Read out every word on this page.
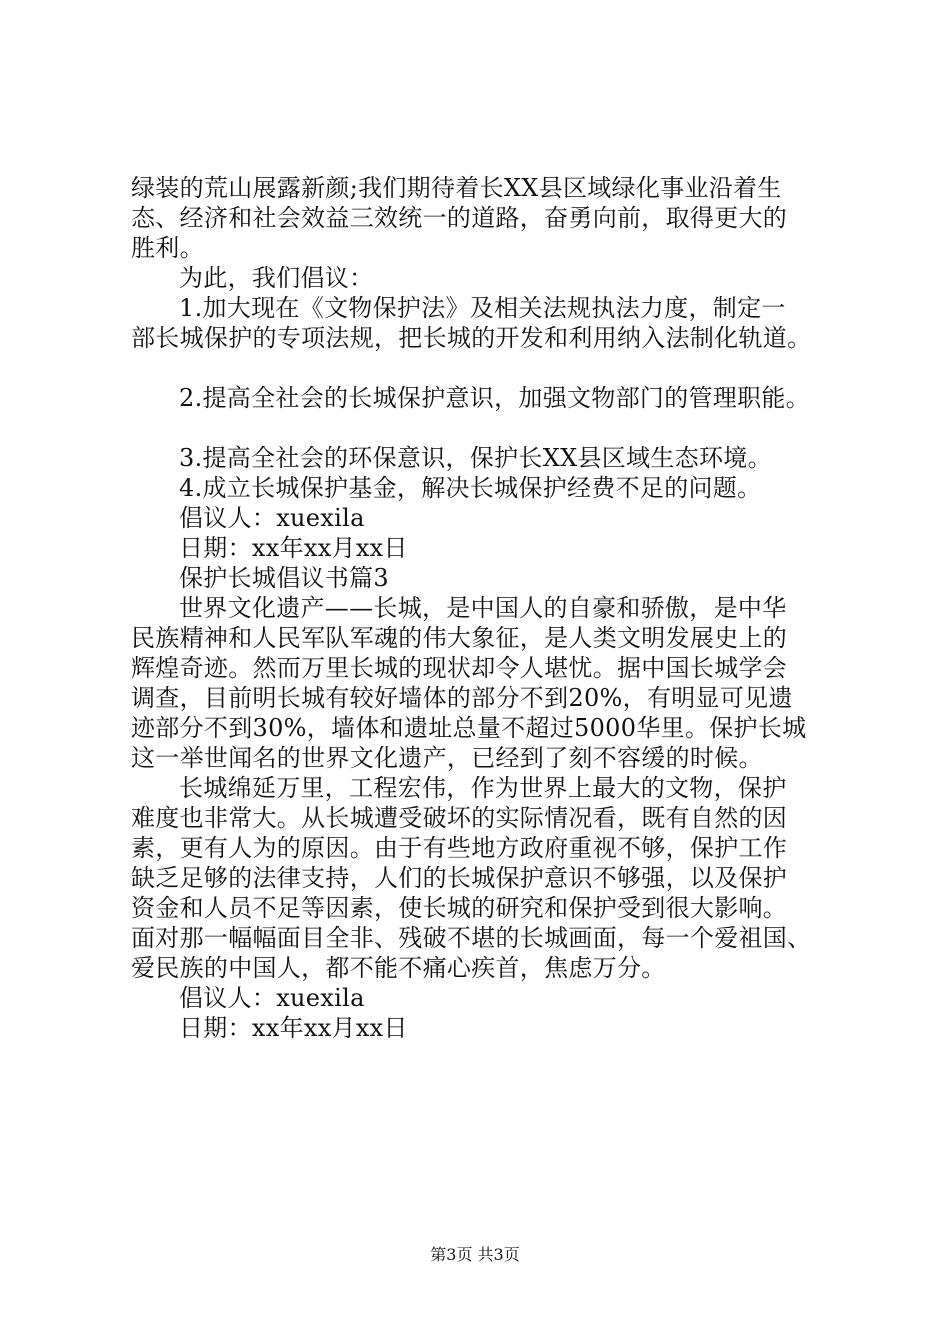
绿装的荒山展露新颜;我们期待着长XX县区域绿化事业沿着生
态、经济和社会效益三效统一的道路，奋勇向前，取得更大的
胜利。
为此，我们倡议：
1.加大现在《文物保护法》及相关法规执法力度，制定一
部长城保护的专项法规，把长城的开发和利用纳入法制化轨道。
2.提高全社会的长城保护意识，加强文物部门的管理职能。
3.提高全社会的环保意识，保护长XX县区域生态环境。
4.成立长城保护基金，解决长城保护经费不足的问题。
倡议人：xuexila
日期：xx年xx月xx日
保护长城倡议书篇3
世界文化遗产——长城，是中国人的自豪和骄傲，是中华
民族精神和人民军队军魂的伟大象征，是人类文明发展史上的
辉煌奇迹。然而万里长城的现状却令人堪忧。据中国长城学会
调查，目前明长城有较好墙体的部分不到20%，有明显可见遗
迹部分不到30%，墙体和遗址总量不超过5000华里。保护长城
这一举世闻名的世界文化遗产，已经到了刻不容缓的时候。
长城绵延万里，工程宏伟，作为世界上最大的文物，保护
难度也非常大。从长城遭受破坏的实际情况看，既有自然的因
素，更有人为的原因。由于有些地方政府重视不够，保护工作
缺乏足够的法律支持，人们的长城保护意识不够强，以及保护
资金和人员不足等因素，使长城的研究和保护受到很大影响。
面对那一幅幅面目全非、残破不堪的长城画面，每一个爱祖国、
爱民族的中国人，都不能不痛心疾首，焦虑万分。
倡议人：xuexila
日期：xx年xx月xx日
第3页 共3页
